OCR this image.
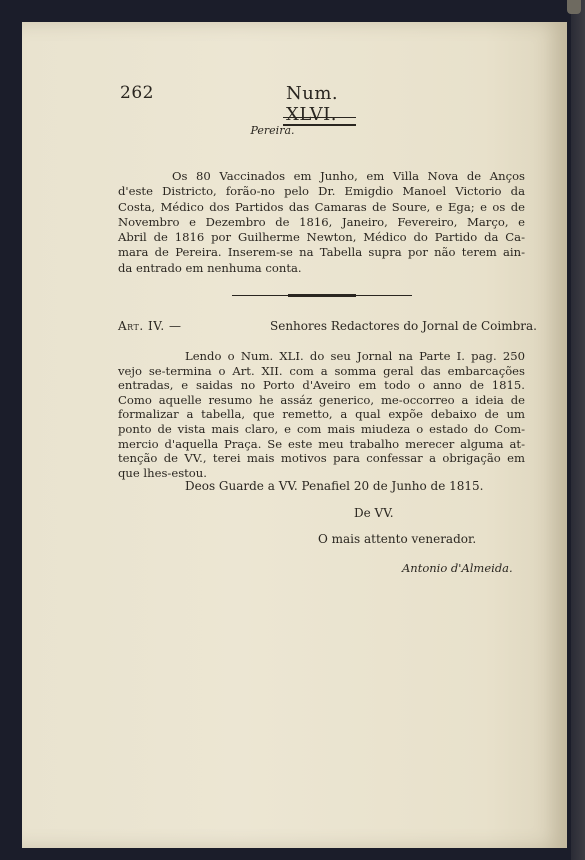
262	Num. XLVI.
Pereira.
Os 80 Vaccinados em Junho, em Villa Nova de Anços
d'este Districto, forão-no pelo Dr. Emigdio Manoel Victorio da
Costa, Médico dos Partidos das Camaras de Soure, e Ega; e os de
Novembro e Dezembro de 1816, Janeiro, Fevereiro, Março, e
Abril de 1816 por Guilherme Newton, Médico do Partido da Ca-
mara de Pereira. Inserem-se na Tabella supra por não terem ain-
da entrado em nenhuma conta.
Art. IV. —	Senhores Redactores do Jornal de Coimbra.
Lendo o Num. XLI. do seu Jornal na Parte I. pag. 250
vejo se-termina o Art. XII. com a somma geral das embarcações
entradas, e saidas no Porto d'Aveiro em todo o anno de 1815.
Como aquelle resumo he assáz generico, me-occorreo a ideia de
formalizar a tabella, que remetto, a qual expõe debaixo de um
ponto de vista mais claro, e com mais miudeza o estado do Com-
mercio d'aquella Praça. Se este meu trabalho merecer alguma at-
tenção de VV., terei mais motivos para confessar a obrigação em
que lhes-estou.
Deos Guarde a VV. Penafiel 20 de Junho de 1815.
De VV.
O mais attento venerador.
Antonio d'Almeida.
